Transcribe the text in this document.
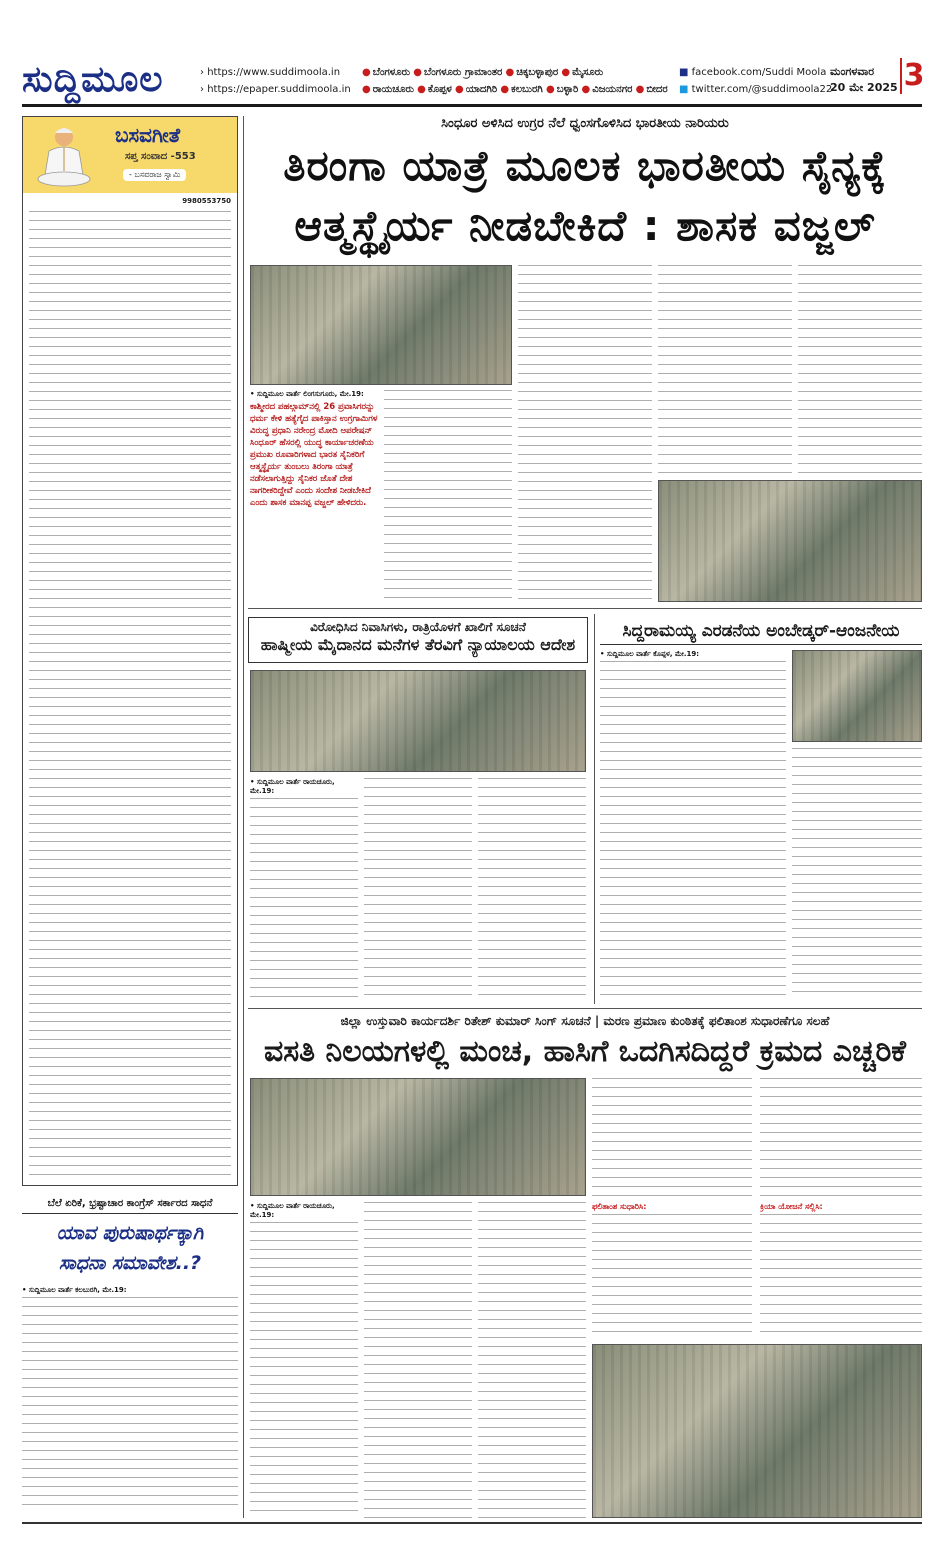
ಸುದ್ದಿಮೂಲ
›	https://www.suddimoola.in
› https://epaper.suddimoola.in
● ಬೆಂಗಳೂರು ● ಬೆಂಗಳೂರು ಗ್ರಾಮಾಂತರ ● ಚಿಕ್ಕಬಳ್ಳಾಪುರ ● ಮೈಸೂರು
● ರಾಯಚೂರು ● ಕೊಪ್ಪಳ ● ಯಾದಗಿರಿ ● ಕಲಬುರಗಿ ● ಬಳ್ಳಾರಿ ● ವಿಜಯನಗರ ● ಬೀದರ
■ facebook.com/Suddi Moola
■ twitter.com/@suddimoola22
ಮಂಗಳವಾರ
20 ಮೇ 2025 3
ಬಸವಗೀತೆ
ಸಪ್ತ ಸಂವಾದ -553
- ಬಸವರಾಜ ಸ್ವಾಮಿ
9980553750
ಬೆಲೆ ಏರಿಕೆ, ಭ್ರಷ್ಟಾಚಾರ ಕಾಂಗ್ರೆಸ್ ಸರ್ಕಾರದ ಸಾಧನೆ
ಯಾವ ಪುರುಷಾರ್ಥಕ್ಕಾಗಿ
ಸಾಧನಾ ಸಮಾವೇಶ..?
• ಸುದ್ದಿಮೂಲ ವಾರ್ತೆ ಕಲಬುರಗಿ, ಮೇ.19:
ಸಿಂಧೂರ ಅಳಿಸಿದ ಉಗ್ರರ ನೆಲೆ ಧ್ವಂಸಗೊಳಿಸಿದ ಭಾರತೀಯ ನಾರಿಯರು
ತಿರಂಗಾ ಯಾತ್ರೆ ಮೂಲಕ ಭಾರತೀಯ ಸೈನ್ಯಕ್ಕೆ
ಆತ್ಮಸ್ಥೈರ್ಯ ನೀಡಬೇಕಿದೆ : ಶಾಸಕ ವಜ್ಜಲ್
• ಸುದ್ದಿಮೂಲ ವಾರ್ತೆ ಲಿಂಗಸುಗೂರು, ಮೇ.19:
ಕಾಶ್ಮೀರದ ಪಹಲ್ಗಾಮ್‌ನಲ್ಲಿ 26 ಪ್ರವಾಸಿಗರನ್ನು ಧರ್ಮ ಕೇಳಿ ಹತ್ಯೆಗೈದ ಪಾಕಿಸ್ತಾನ ಉಗ್ರಗಾಮಿಗಳ ವಿರುದ್ಧ ಪ್ರಧಾನಿ ನರೇಂದ್ರ ಮೋದಿ ಆಪರೇಷನ್ ಸಿಂಧೂರ್ ಹೆಸರಲ್ಲಿ ಯುದ್ಧ ಕಾರ್ಯಾಚರಣೆಯ ಪ್ರಮುಖ ರೂವಾರಿಗಳಾದ ಭಾರತ ಸೈನಿಕರಿಗೆ ಆತ್ಮಸ್ಥೈರ್ಯ ತುಂಬಲು ತಿರಂಗಾ ಯಾತ್ರೆ ನಡೆಸಲಾಗುತ್ತಿದ್ದು ಸೈನಿಕರ ಜೊತೆ ದೇಶ ನಾಗರೀಕರಿದ್ದೇವೆ ಎಂದು ಸಂದೇಶ ನೀಡಬೇಕಿದೆ ಎಂದು ಶಾಸಕ ಮಾನಪ್ಪ ವಜ್ಜಲ್ ಹೇಳಿದರು.
ವಿರೋಧಿಸಿದ ನಿವಾಸಿಗಳು, ರಾತ್ರಿಯೊಳಗೆ ಖಾಲಿಗೆ ಸೂಚನೆ
ಹಾಷ್ಮೀಯ ಮೈದಾನದ ಮನೆಗಳ ತೆರವಿಗೆ ನ್ಯಾಯಾಲಯ ಆದೇಶ
• ಸುದ್ದಿಮೂಲ ವಾರ್ತೆ ರಾಯಚೂರು, ಮೇ.19:
ಸಿದ್ದರಾಮಯ್ಯ ಎರಡನೆಯ ಅಂಬೇಡ್ಕರ್-ಆಂಜನೇಯ
• ಸುದ್ದಿಮೂಲ ವಾರ್ತೆ ಕೊಪ್ಪಳ, ಮೇ.19:
ಜಿಲ್ಲಾ ಉಸ್ತುವಾರಿ ಕಾರ್ಯದರ್ಶಿ ರಿತೇಶ್ ಕುಮಾರ್ ಸಿಂಗ್ ಸೂಚನೆ | ಮರಣ ಪ್ರಮಾಣ ಕುಂಠಿತಕ್ಕೆ ಫಲಿತಾಂಶ ಸುಧಾರಣೆಗೂ ಸಲಹೆ
ವಸತಿ ನಿಲಯಗಳಲ್ಲಿ ಮಂಚ, ಹಾಸಿಗೆ ಒದಗಿಸದಿದ್ದರೆ ಕ್ರಮದ ಎಚ್ಚರಿಕೆ
• ಸುದ್ದಿಮೂಲ ವಾರ್ತೆ ರಾಯಚೂರು, ಮೇ.19:
ಫಲಿತಾಂಶ ಸುಧಾರಿಸಿ:	ಕ್ರಿಯಾ ಯೋಜನೆ ಸಲ್ಲಿಸಿ:
